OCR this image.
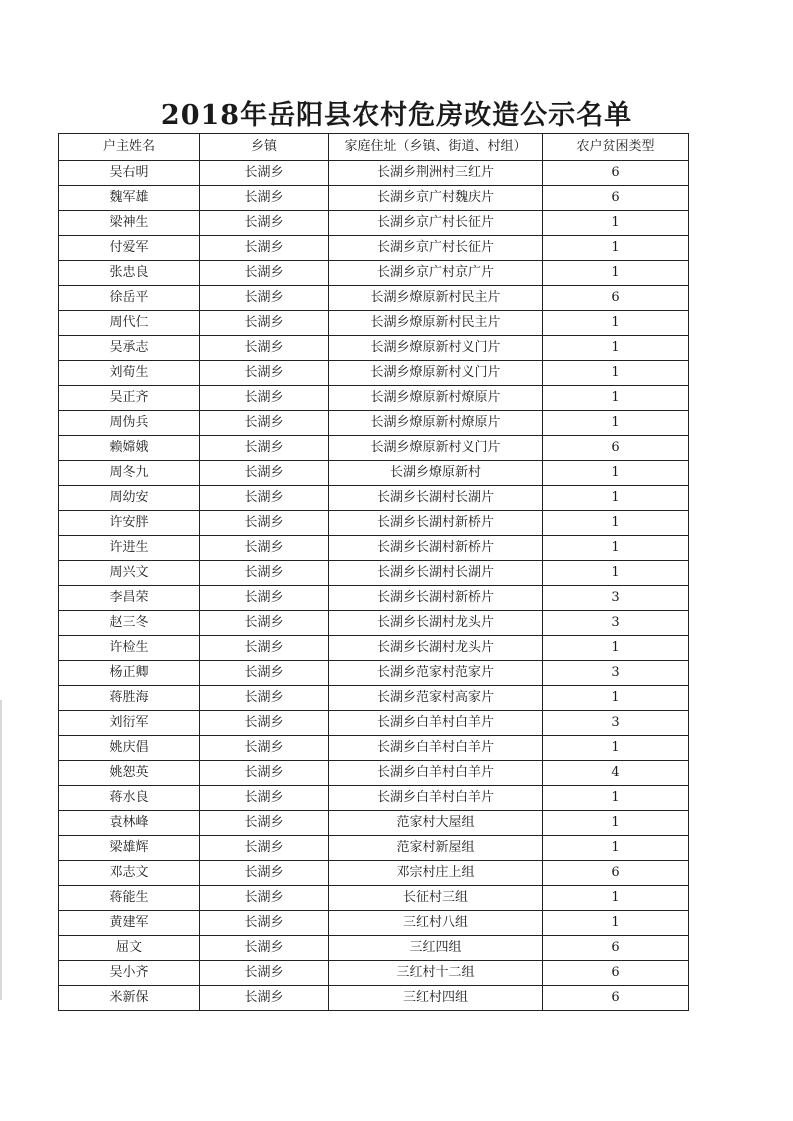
2018年岳阳县农村危房改造公示名单
户主姓名	乡镇	家庭住址（乡镇、街道、村组）	农户贫困类型
吴右明	长湖乡	长湖乡荆洲村三红片	6
魏军雄	长湖乡	长湖乡京广村魏庆片	6
梁神生	长湖乡	长湖乡京广村长征片	1
付爱军	长湖乡	长湖乡京广村长征片	1
张忠良	长湖乡	长湖乡京广村京广片	1
徐岳平	长湖乡	长湖乡燎原新村民主片	6
周代仁	长湖乡	长湖乡燎原新村民主片	1
吴承志	长湖乡	长湖乡燎原新村义门片	1
刘荀生	长湖乡	长湖乡燎原新村义门片	1
吴正齐	长湖乡	长湖乡燎原新村燎原片	1
周伪兵	长湖乡	长湖乡燎原新村燎原片	1
赖嫦娥	长湖乡	长湖乡燎原新村义门片	6
周冬九	长湖乡	长湖乡燎原新村	1
周幼安	长湖乡	长湖乡长湖村长湖片	1
许安胖	长湖乡	长湖乡长湖村新桥片	1
许进生	长湖乡	长湖乡长湖村新桥片	1
周兴文	长湖乡	长湖乡长湖村长湖片	1
李昌荣	长湖乡	长湖乡长湖村新桥片	3
赵三冬	长湖乡	长湖乡长湖村龙头片	3
许检生	长湖乡	长湖乡长湖村龙头片	1
杨正卿	长湖乡	长湖乡范家村范家片	3
蒋胜海	长湖乡	长湖乡范家村高家片	1
刘衍军	长湖乡	长湖乡白羊村白羊片	3
姚庆倡	长湖乡	长湖乡白羊村白羊片	1
姚恕英	长湖乡	长湖乡白羊村白羊片	4
蒋水良	长湖乡	长湖乡白羊村白羊片	1
袁林峰	长湖乡	范家村大屋组	1
梁雄辉	长湖乡	范家村新屋组	1
邓志文	长湖乡	邓宗村庄上组	6
蒋能生	长湖乡	长征村三组	1
黄建军	长湖乡	三红村八组	1
屈文	长湖乡	三红四组	6
吴小齐	长湖乡	三红村十二组	6
米新保	长湖乡	三红村四组	6
